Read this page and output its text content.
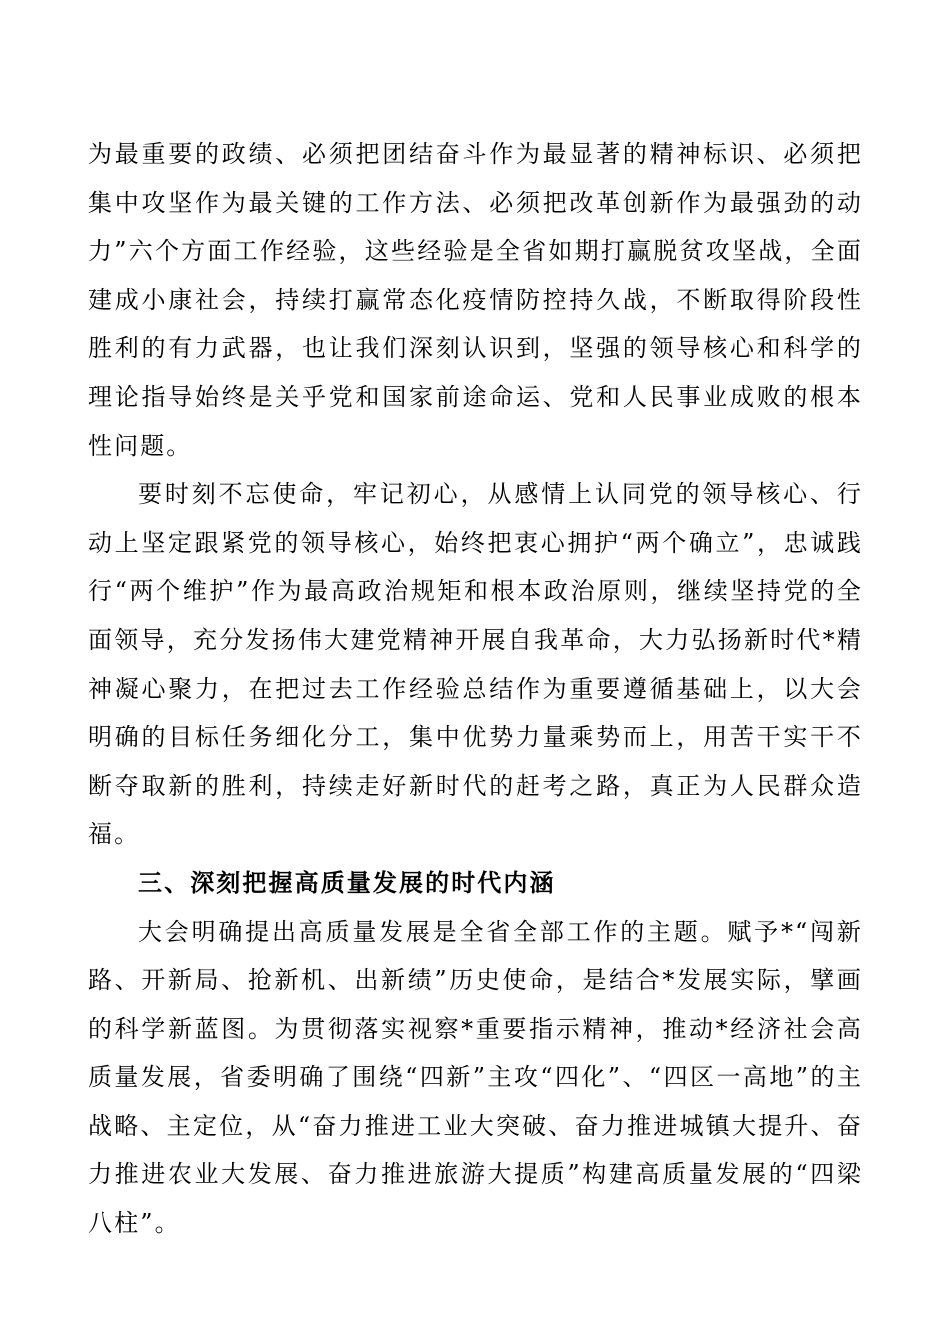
为最重要的政绩、必须把团结奋斗作为最显著的精神标识、必须把集中攻坚作为最关键的工作方法、必须把改革创新作为最强劲的动力”六个方面工作经验，这些经验是全省如期打赢脱贫攻坚战，全面建成小康社会，持续打赢常态化疫情防控持久战，不断取得阶段性胜利的有力武器，也让我们深刻认识到，坚强的领导核心和科学的理论指导始终是关乎党和国家前途命运、党和人民事业成败的根本性问题。

要时刻不忘使命，牢记初心，从感情上认同党的领导核心、行动上坚定跟紧党的领导核心，始终把衷心拥护“两个确立”，忠诚践行“两个维护”作为最高政治规矩和根本政治原则，继续坚持党的全面领导，充分发扬伟大建党精神开展自我革命，大力弘扬新时代*精神凝心聚力，在把过去工作经验总结作为重要遵循基础上，以大会明确的目标任务细化分工，集中优势力量乘势而上，用苦干实干不断夺取新的胜利，持续走好新时代的赶考之路，真正为人民群众造福。

三、深刻把握高质量发展的时代内涵

大会明确提出高质量发展是全省全部工作的主题。赋予*“闯新路、开新局、抢新机、出新绩”历史使命，是结合*发展实际，擘画的科学新蓝图。为贯彻落实视察*重要指示精神，推动*经济社会高质量发展，省委明确了围绕“四新”主攻“四化”、“四区一高地”的主战略、主定位，从“奋力推进工业大突破、奋力推进城镇大提升、奋力推进农业大发展、奋力推进旅游大提质”构建高质量发展的“四梁八柱”。
